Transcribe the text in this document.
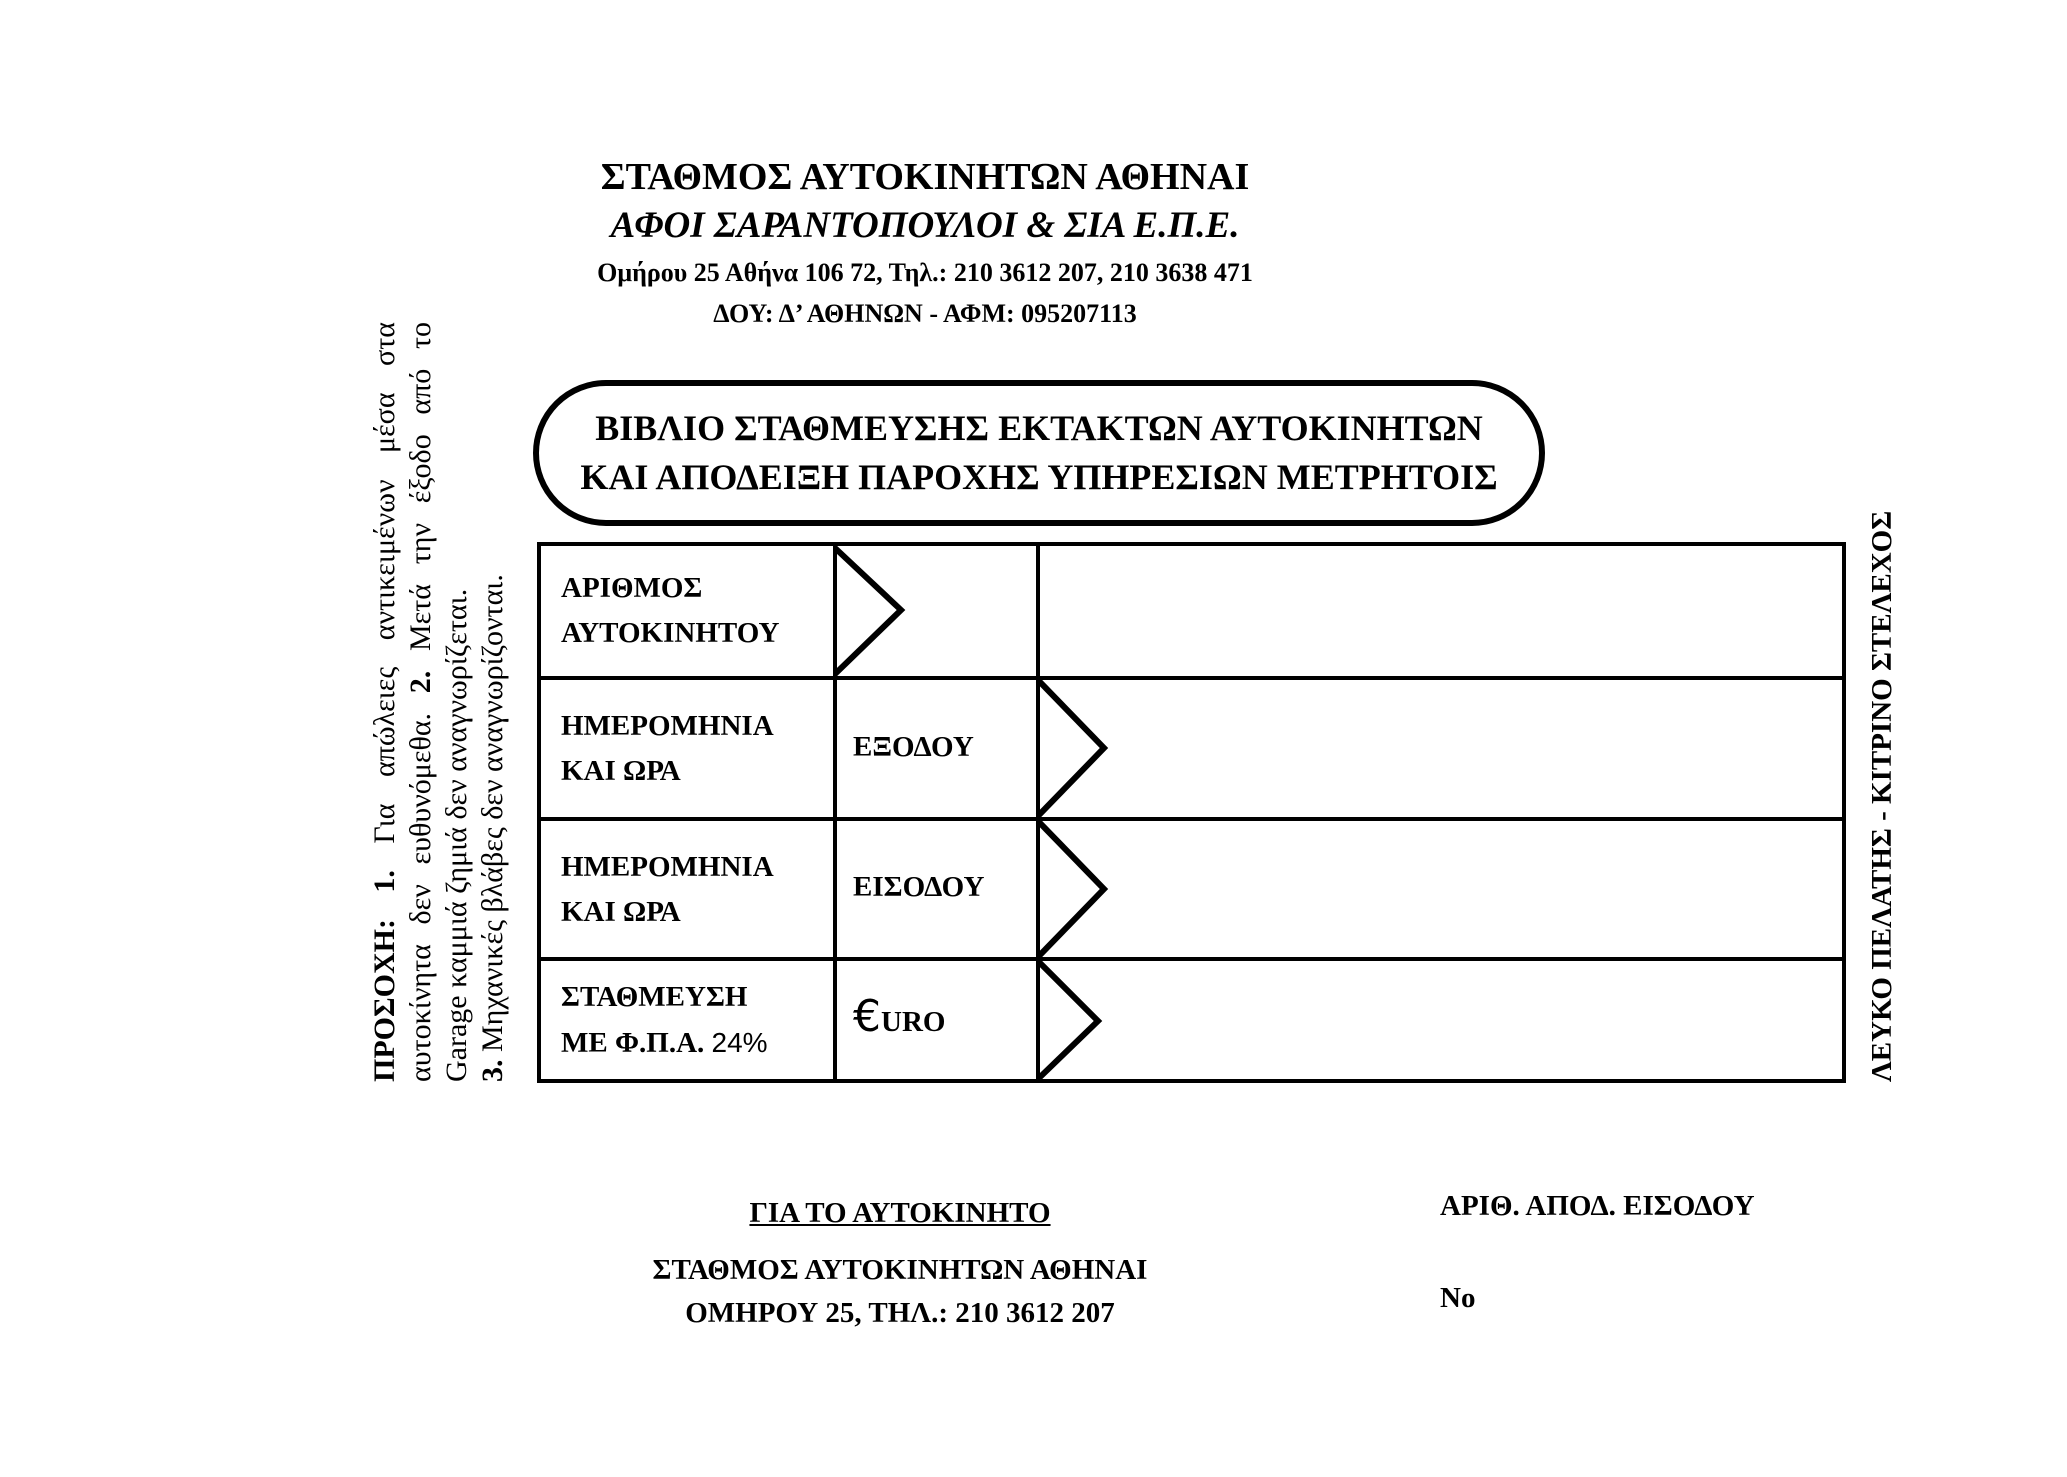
ΣΤΑΘΜΟΣ ΑΥΤΟΚΙΝΗΤΩΝ ΑΘΗΝΑΙ
ΑΦΟΙ ΣΑΡΑΝΤΟΠΟΥΛΟΙ & ΣΙΑ Ε.Π.Ε.
Ομήρου 25 Αθήνα 106 72, Τηλ.: 210 3612 207, 210 3638 471
ΔΟΥ: Δ’ ΑΘΗΝΩΝ - ΑΦΜ: 095207113
ΒΙΒΛΙΟ ΣΤΑΘΜΕΥΣΗΣ ΕΚΤΑΚΤΩΝ ΑΥΤΟΚΙΝΗΤΩΝ
ΚΑΙ ΑΠΟΔΕΙΞΗ ΠΑΡΟΧΗΣ ΥΠΗΡΕΣΙΩΝ ΜΕΤΡΗΤΟΙΣ
ΑΡΙΘΜΟΣ
ΑΥΤΟΚΙΝΗΤΟΥ
ΗΜΕΡΟΜΗΝΙΑ
ΚΑΙ ΩΡΑ
ΕΞΟΔΟΥ
ΗΜΕΡΟΜΗΝΙΑ
ΚΑΙ ΩΡΑ
ΕΙΣΟΔΟΥ
ΣΤΑΘΜΕΥΣΗ
ΜΕ Φ.Π.Α. 24%
€URO
ΠΡΟΣΟΧΗ: 1. Για απώλειες αντικειμένων μέσα στα
αυτοκίνητα δεν ευθυνόμεθα. 2. Μετά την έξοδο από το
Garage καμμιά ζημιά δεν αναγνωρίζεται. 3. Μηχανικές βλάβες δεν αναγνωρίζονται.	ΛΕΥΚΟ ΠΕΛΑΤΗΣ - ΚΙΤΡΙΝΟ ΣΤΕΛΕΧΟΣ
ΓΙΑ ΤΟ ΑΥΤΟΚΙΝΗΤΟ
ΣΤΑΘΜΟΣ ΑΥΤΟΚΙΝΗΤΩΝ ΑΘΗΝΑΙ
ΟΜΗΡΟΥ 25, ΤΗΛ.: 210 3612 207
ΑΡΙΘ. ΑΠΟΔ. ΕΙΣΟΔΟΥ
No
